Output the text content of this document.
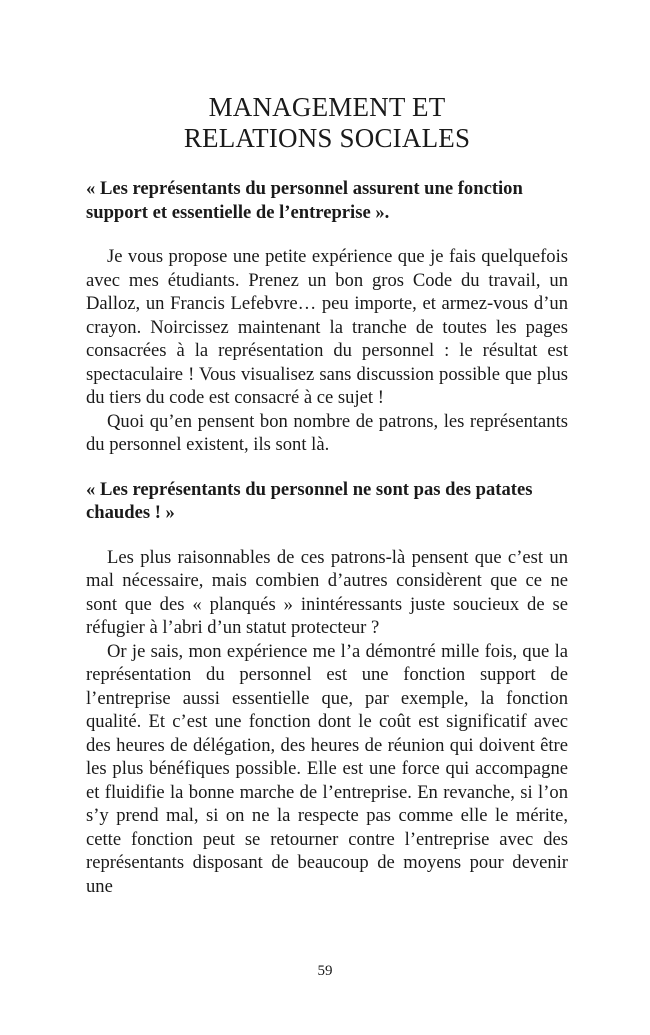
MANAGEMENT ET
RELATIONS SOCIALES

« Les représentants du personnel assurent une fonction support et essentielle de l’entreprise ».

Je vous propose une petite expérience que je fais quelquefois avec mes étudiants. Prenez un bon gros Code du travail, un Dalloz, un Francis Lefebvre… peu importe, et armez-vous d’un crayon. Noircissez maintenant la tranche de toutes les pages consacrées à la représentation du personnel : le résultat est spectaculaire ! Vous visualisez sans discussion possible que plus du tiers du code est consacré à ce sujet !

Quoi qu’en pensent bon nombre de patrons, les représentants du personnel existent, ils sont là.

« Les représentants du personnel ne sont pas des patates chaudes ! »

Les plus raisonnables de ces patrons-là pensent que c’est un mal nécessaire, mais combien d’autres considèrent que ce ne sont que des « planqués » inintéressants juste soucieux de se réfugier à l’abri d’un statut protecteur ?

Or je sais, mon expérience me l’a démontré mille fois, que la représentation du personnel est une fonction support de l’entreprise aussi essentielle que, par exemple, la fonction qualité. Et c’est une fonction dont le coût est significatif avec des heures de délégation, des heures de réunion qui doivent être les plus bénéfiques possible. Elle est une force qui accompagne et fluidifie la bonne marche de l’entreprise. En revanche, si l’on s’y prend mal, si on ne la respecte pas comme elle le mérite, cette fonction peut se retourner contre l’entreprise avec des représentants disposant de beaucoup de moyens pour devenir une

59
